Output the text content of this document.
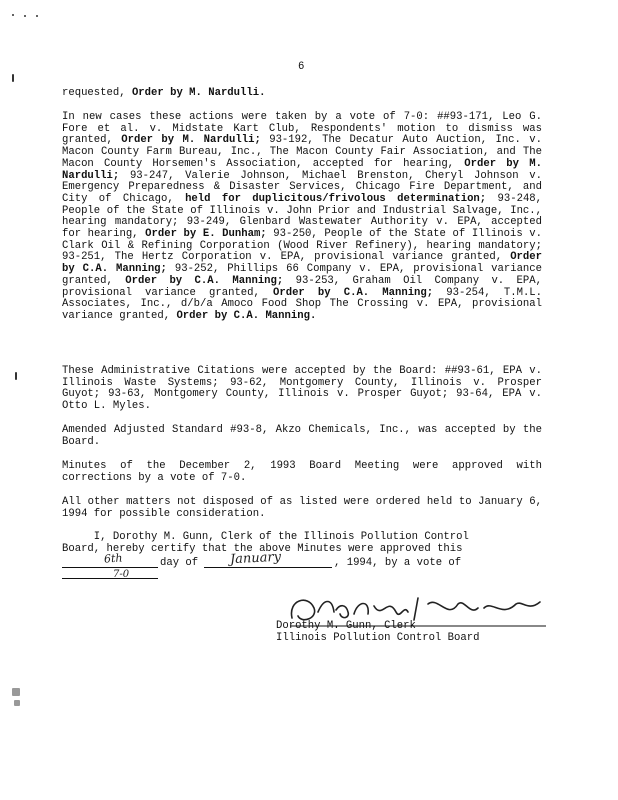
6
requested, Order by M. Nardulli.
In new cases these actions were taken by a vote of 7-0: ##93-171, Leo G. Fore et al. v. Midstate Kart Club, Respondents' motion to dismiss was granted, Order by M. Nardulli; 93-192, The Decatur Auto Auction, Inc. v. Macon County Farm Bureau, Inc., The Macon County Fair Association, and The Macon County Horsemen's Association, accepted for hearing, Order by M. Nardulli; 93-247, Valerie Johnson, Michael Brenston, Cheryl Johnson v. Emergency Preparedness & Disaster Services, Chicago Fire Department, and City of Chicago, held for duplicitous/frivolous determination; 93-248, People of the State of Illinois v. John Prior and Industrial Salvage, Inc., hearing mandatory; 93-249, Glenbard Wastewater Authority v. EPA, accepted for hearing, Order by E. Dunham; 93-250, People of the State of Illinois v. Clark Oil & Refining Corporation (Wood River Refinery), hearing mandatory; 93-251, The Hertz Corporation v. EPA, provisional variance granted, Order by C.A. Manning; 93-252, Phillips 66 Company v. EPA, provisional variance granted, Order by C.A. Manning; 93-253, Graham Oil Company v. EPA, provisional variance granted, Order by C.A. Manning; 93-254, T.M.L. Associates, Inc., d/b/a Amoco Food Shop The Crossing v. EPA, provisional variance granted, Order by C.A. Manning.
These Administrative Citations were accepted by the Board: ##93-61, EPA v. Illinois Waste Systems; 93-62, Montgomery County, Illinois v. Prosper Guyot; 93-63, Montgomery County, Illinois v. Prosper Guyot; 93-64, EPA v. Otto L. Myles.
Amended Adjusted Standard #93-8, Akzo Chemicals, Inc., was accepted by the Board.
Minutes of the December 2, 1993 Board Meeting were approved with corrections by a vote of 7-0.
All other matters not disposed of as listed were ordered held to January 6, 1994 for possible consideration.
I, Dorothy M. Gunn, Clerk of the Illinois Pollution Control
Board, hereby certify that the above Minutes were approved this
day of	, 1994, by a vote of
6th	January
7-0
Dorothy M. Gunn, Clerk
Illinois Pollution Control Board
